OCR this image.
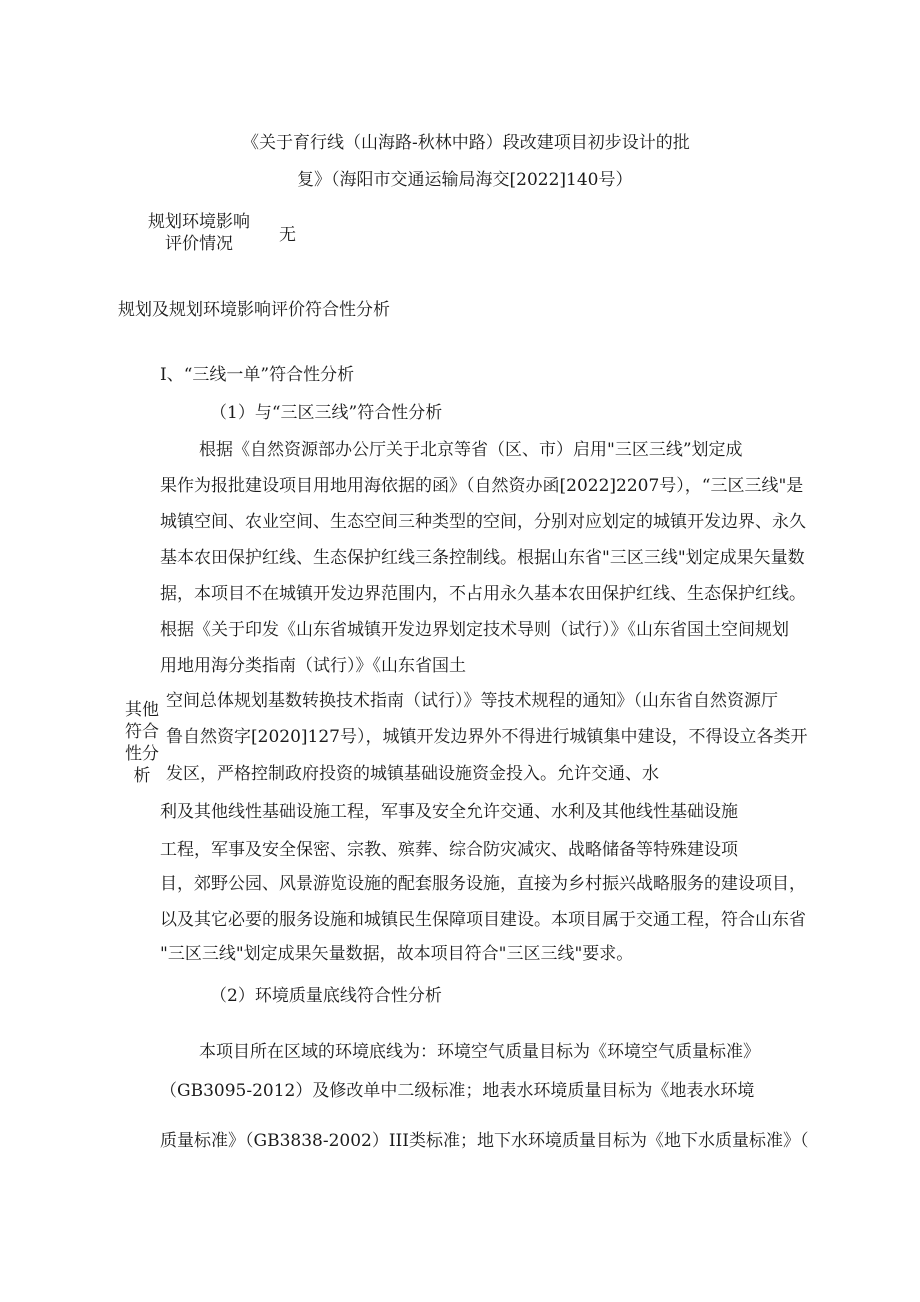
《关于育行线（山海路-秋林中路）段改建项目初步设计的批
复》（海阳市交通运输局海交[2022]140号）
规划环境影响
评价情况	无
规划及规划环境影响评价符合性分析
其他
符合
性分
析
I、“三线一单”符合性分析
（1）与“三区三线”符合性分析
根据《自然资源部办公厅关于北京等省（区、市）启用"三区三线”划定成
果作为报批建设项目用地用海依据的函》（自然资办函[2022]2207号），“三区三线"是
城镇空间、农业空间、生态空间三种类型的空间，分别对应划定的城镇开发边界、永久
基本农田保护红线、生态保护红线三条控制线。根据山东省"三区三线"划定成果矢量数
据，本项目不在城镇开发边界范围内，不占用永久基本农田保护红线、生态保护红线。
根据《关于印发《山东省城镇开发边界划定技术导则（试行）》《山东省国土空间规划
用地用海分类指南（试行）》《山东省国土
空间总体规划基数转换技术指南（试行）》等技术规程的通知》（山东省自然资源厅
鲁自然资字[2020]127号），城镇开发边界外不得进行城镇集中建设，不得设立各类开
发区，严格控制政府投资的城镇基础设施资金投入。允许交通、水
利及其他线性基础设施工程，军事及安全允许交通、水利及其他线性基础设施
工程，军事及安全保密、宗教、殡葬、综合防灾减灾、战略储备等特殊建设项
目，郊野公园、风景游览设施的配套服务设施，直接为乡村振兴战略服务的建设项目，
以及其它必要的服务设施和城镇民生保障项目建设。本项目属于交通工程，符合山东省
"三区三线"划定成果矢量数据，故本项目符合"三区三线"要求。
（2）环境质量底线符合性分析
本项目所在区域的环境底线为：环境空气质量目标为《环境空气质量标准》
（GB3095-2012）及修改单中二级标准；地表水环境质量目标为《地表水环境
质量标准》（GB3838-2002）III类标准；地下水环境质量目标为《地下水质量标准》（
